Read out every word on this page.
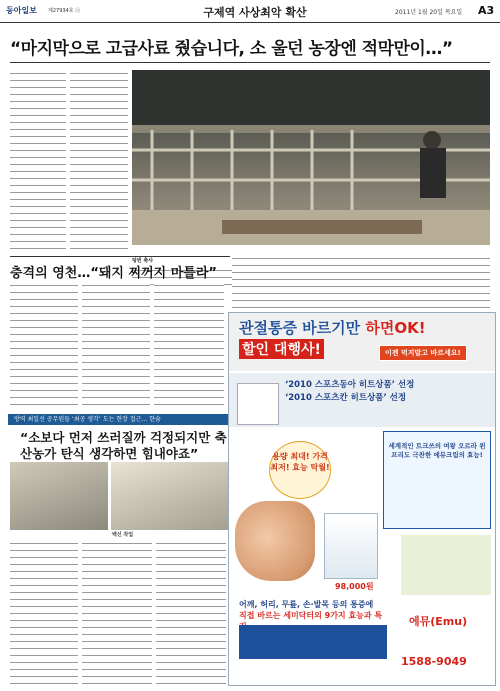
동아일보 제27934호 ㊅	구제역 사상최악 확산	2011년 1월 20일 목요일 A3
“마지막으로 고급사료 줬습니다, 소 울던 농장엔 적막만이…”
텅빈 축사
충격의 영천…“돼지 찌꺼지 마틀라”
방역 최일선 공무원들 ‘최공 생각’ 도는 현장 접근… 한숨
“소보다 먼저 쓰러질까 걱정되지만 축산농가 탄식 생각하면 힘내야죠”
백신 작업
관절통증 바르기만 하면OK!
할인 대행사!	이젠 먹지말고 바르세요!
‘2010 스포츠동아 히트상품’ 선정
‘2010 스포츠칸 히트상품’ 선정
용량 최대! 가격 최저! 효능 탁월!
세계적인 트크쓰의 여왕 오르라 윈프리도 극찬한 에뮤크림의 효능!
98,000원
어깨, 허리, 무릎, 손·발목 등의 통증에
직접 바르는 세미닥터의 9가지 효능과 특	에뮤(Emu)
1588-9049
